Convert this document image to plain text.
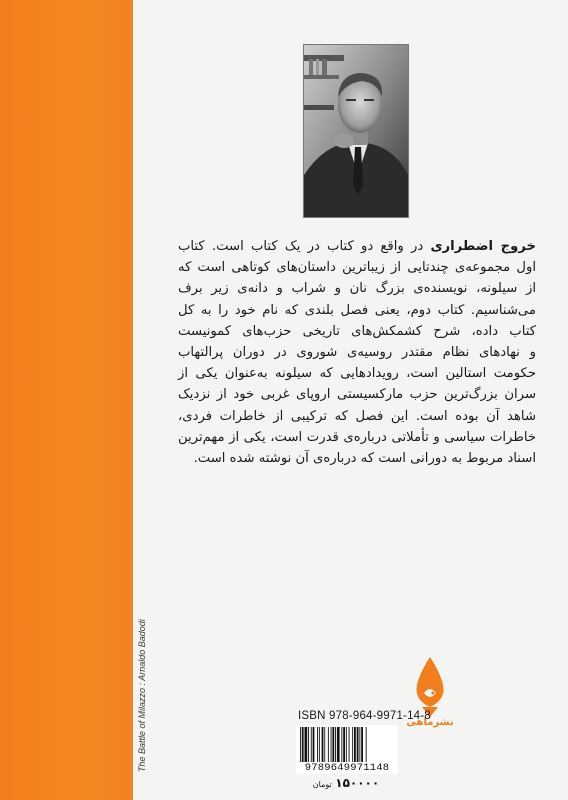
The Battle of Milazzo : Arnaldo Badodi
خروج اضطراری در واقع دو کتاب در یک کتاب است. کتاب
اول مجموعه‌ی چندتایی از زیباترین داستان‌های کوتاهی است که
از سیلونه، نویسنده‌ی بزرگ نان و شراب و دانه‌ی زیر برف
می‌شناسیم. کتاب دوم، یعنی فصل بلندی که نام خود را به کل
کتاب داده، شرح کشمکش‌های تاریخی حزب‌های کمونیست
و نهادهای نظام مقتدر روسیه‌ی شوروی در دوران پرالتهاب
حکومت استالین است، رویدادهایی که سیلونه به‌عنوان یکی از
سران بزرگ‌ترین حزب مارکسیستی اروپای غربی خود از نزدیک
شاهد آن بوده است. این فصل که ترکیبی از خاطرات فردی،
خاطرات سیاسی و تأملاتی درباره‌ی قدرت است، یکی از مهم‌ترین
اسناد مربوط به دورانی است که درباره‌ی آن نوشته شده است.
نشرماهی
ISBN 978-964-9971-14-8
9789649971148
۱۵۰۰۰۰ تومان
